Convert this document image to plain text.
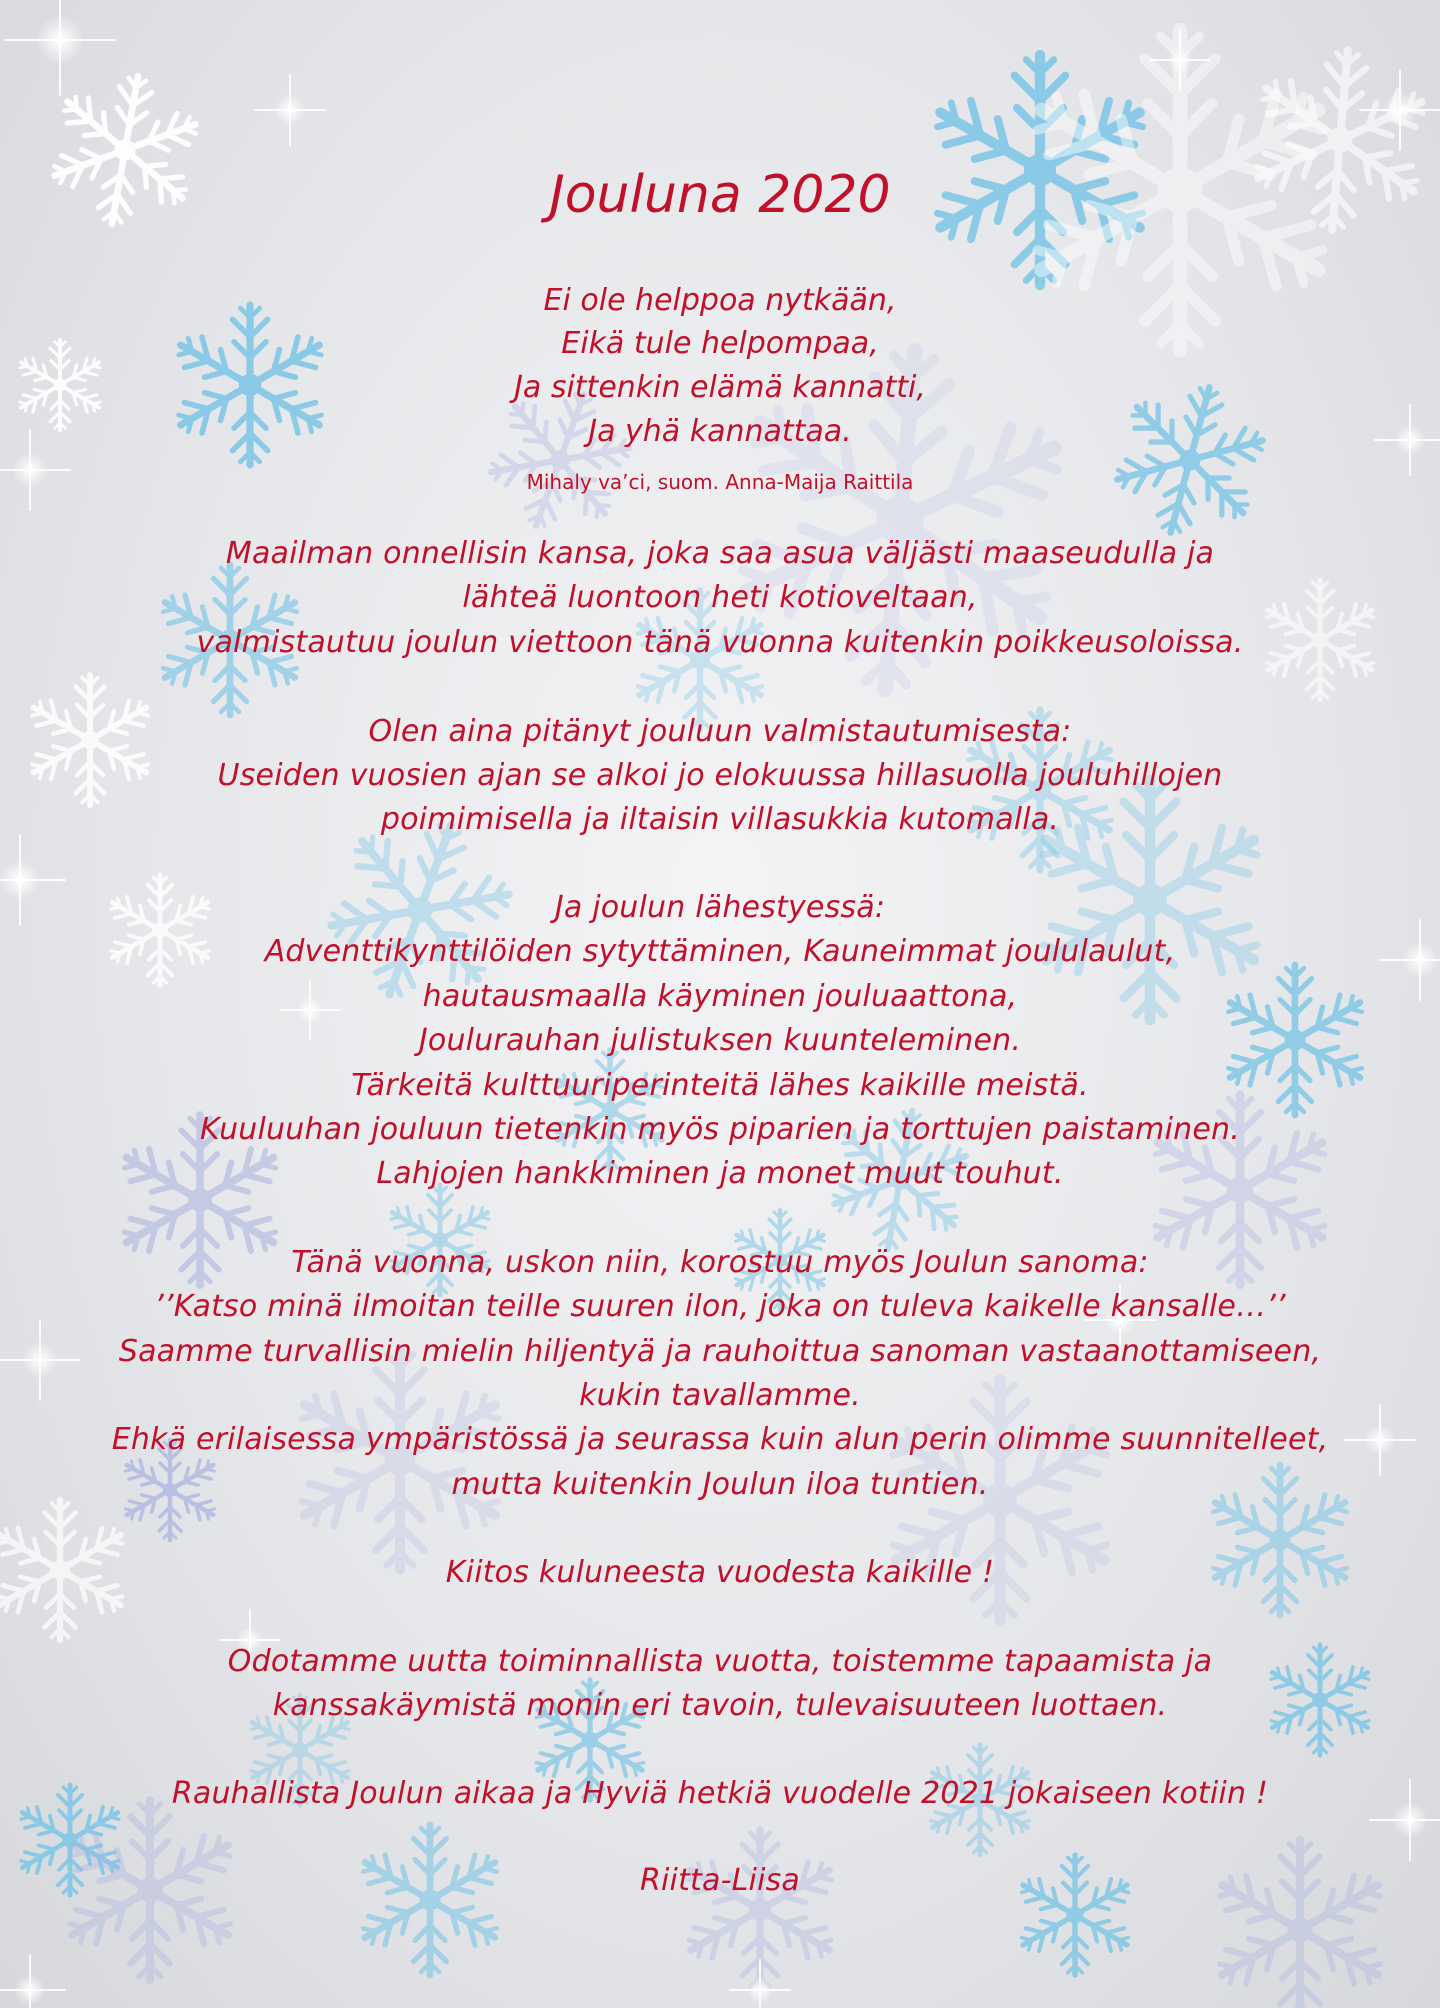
Jouluna 2020

Ei ole helppoa nytkään,

Eikä tule helpompaa,

Ja sittenkin elämä kannatti,

Ja yhä kannattaa.

Mihaly va’ci, suom. Anna-Maija Raittila

Maailman onnellisin kansa, joka saa asua väljästi maaseudulla ja

lähteä luontoon heti kotioveltaan,

valmistautuu joulun viettoon tänä vuonna kuitenkin poikkeusoloissa.

Olen aina pitänyt jouluun valmistautumisesta:

Useiden vuosien ajan se alkoi jo elokuussa hillasuolla jouluhillojen

poimimisella ja iltaisin villasukkia kutomalla.

Ja joulun lähestyessä:

Adventtikynttilöiden sytyttäminen, Kauneimmat joululaulut,

hautausmaalla käyminen jouluaattona,

Joulurauhan julistuksen kuunteleminen.

Tärkeitä kulttuuriperinteitä lähes kaikille meistä.

Kuuluuhan jouluun tietenkin myös piparien ja torttujen paistaminen.

Lahjojen hankkiminen ja monet muut touhut.

Tänä vuonna, uskon niin, korostuu myös Joulun sanoma:

’’Katso minä ilmoitan teille suuren ilon, joka on tuleva kaikelle kansalle…’’

Saamme turvallisin mielin hiljentyä ja rauhoittua sanoman vastaanottamiseen,

kukin tavallamme.

Ehkä erilaisessa ympäristössä ja seurassa kuin alun perin olimme suunnitelleet,

mutta kuitenkin Joulun iloa tuntien.

Kiitos kuluneesta vuodesta kaikille !

Odotamme uutta toiminnallista vuotta, toistemme tapaamista ja

kanssakäymistä monin eri tavoin, tulevaisuuteen luottaen.

Rauhallista Joulun aikaa ja Hyviä hetkiä vuodelle 2021 jokaiseen kotiin !

Riitta-Liisa
